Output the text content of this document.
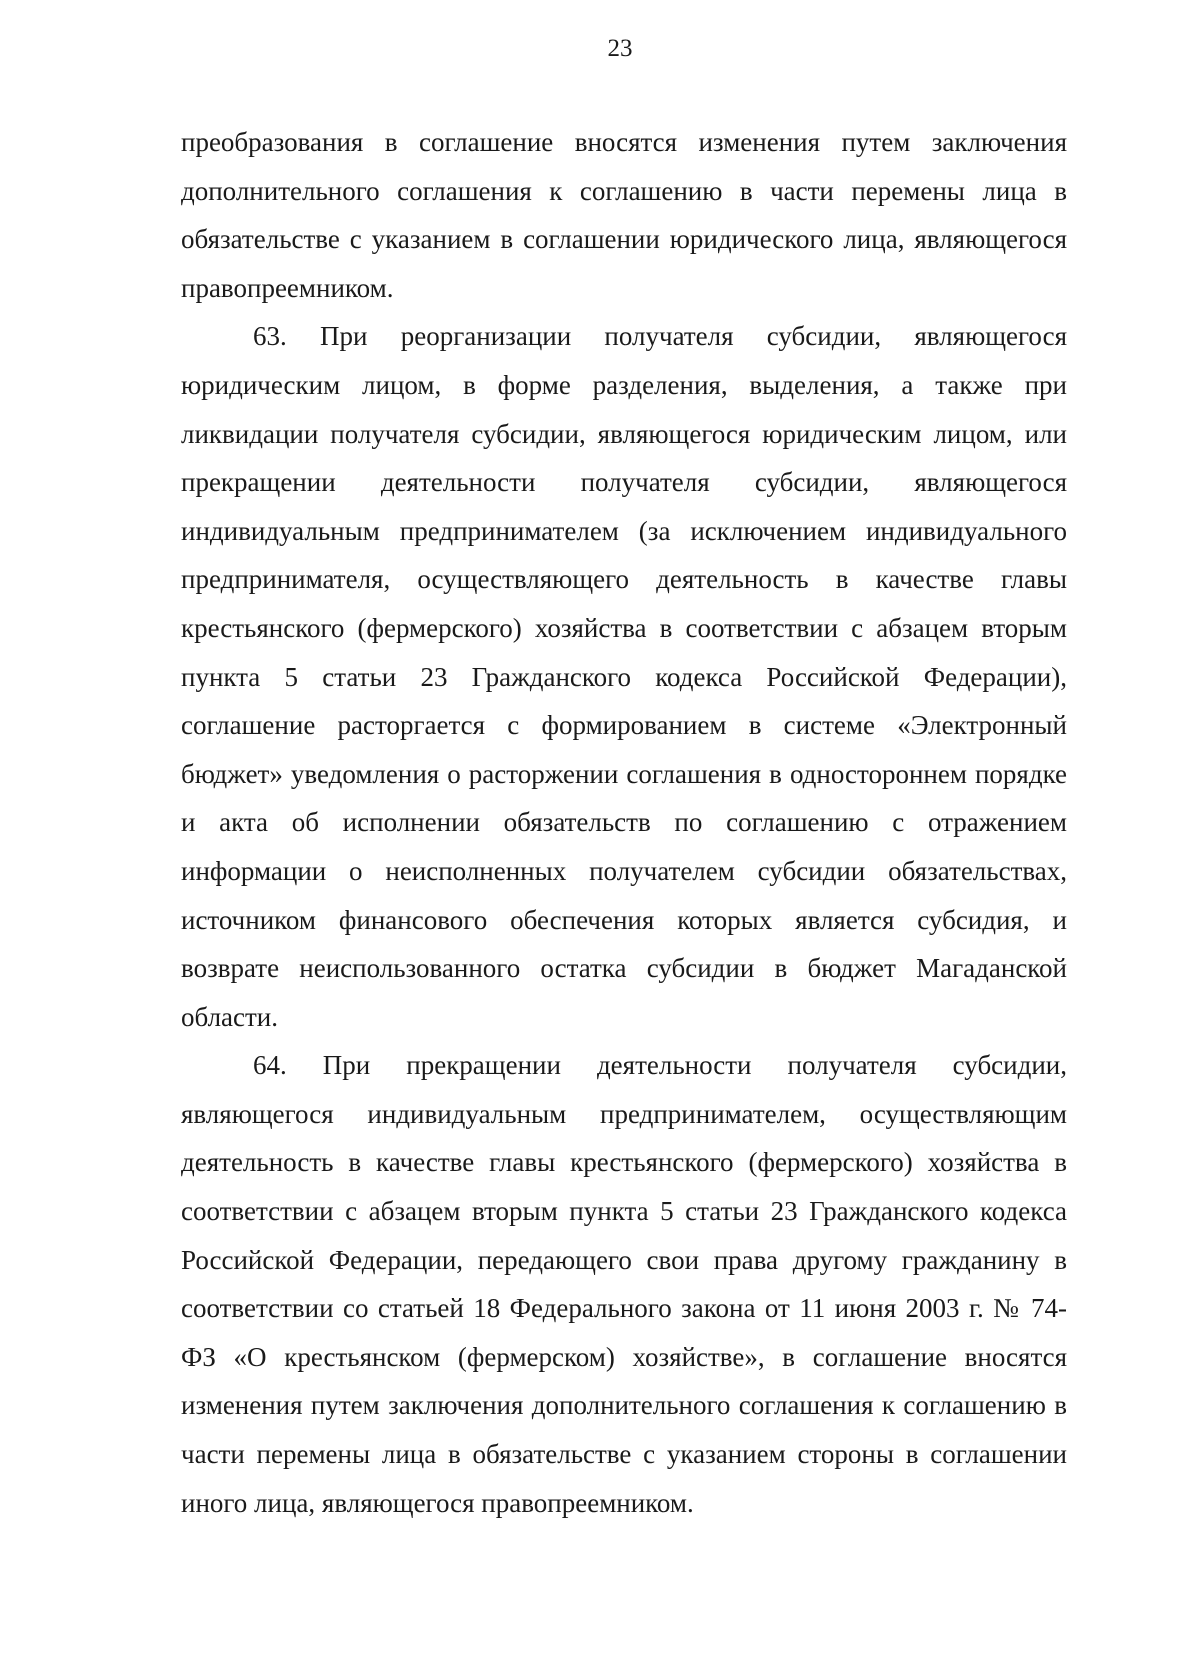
23

преобразования в соглашение вносятся изменения путем заключения дополнительного соглашения к соглашению в части перемены лица в обязательстве с указанием в соглашении юридического лица, являющегося правопреемником.

63. При реорганизации получателя субсидии, являющегося юридическим лицом, в форме разделения, выделения, а также при ликвидации получателя субсидии, являющегося юридическим лицом, или прекращении деятельности получателя субсидии, являющегося индивидуальным предпринимателем (за исключением индивидуального предпринимателя, осуществляющего деятельность в качестве главы крестьянского (фермерского) хозяйства в соответствии с абзацем вторым пункта 5 статьи 23 Гражданского кодекса Российской Федерации), соглашение расторгается с формированием в системе «Электронный бюджет» уведомления о расторжении соглашения в одностороннем порядке и акта об исполнении обязательств по соглашению с отражением информации о неисполненных получателем субсидии обязательствах, источником финансового обеспечения которых является субсидия, и возврате неиспользованного остатка субсидии в бюджет Магаданской области.

64. При прекращении деятельности получателя субсидии, являющегося индивидуальным предпринимателем, осуществляющим деятельность в качестве главы крестьянского (фермерского) хозяйства в соответствии с абзацем вторым пункта 5 статьи 23 Гражданского кодекса Российской Федерации, передающего свои права другому гражданину в соответствии со статьей 18 Федерального закона от 11 июня 2003 г. № 74-ФЗ «О крестьянском (фермерском) хозяйстве», в соглашение вносятся изменения путем заключения дополнительного соглашения к соглашению в части перемены лица в обязательстве с указанием стороны в соглашении иного лица, являющегося правопреемником.
